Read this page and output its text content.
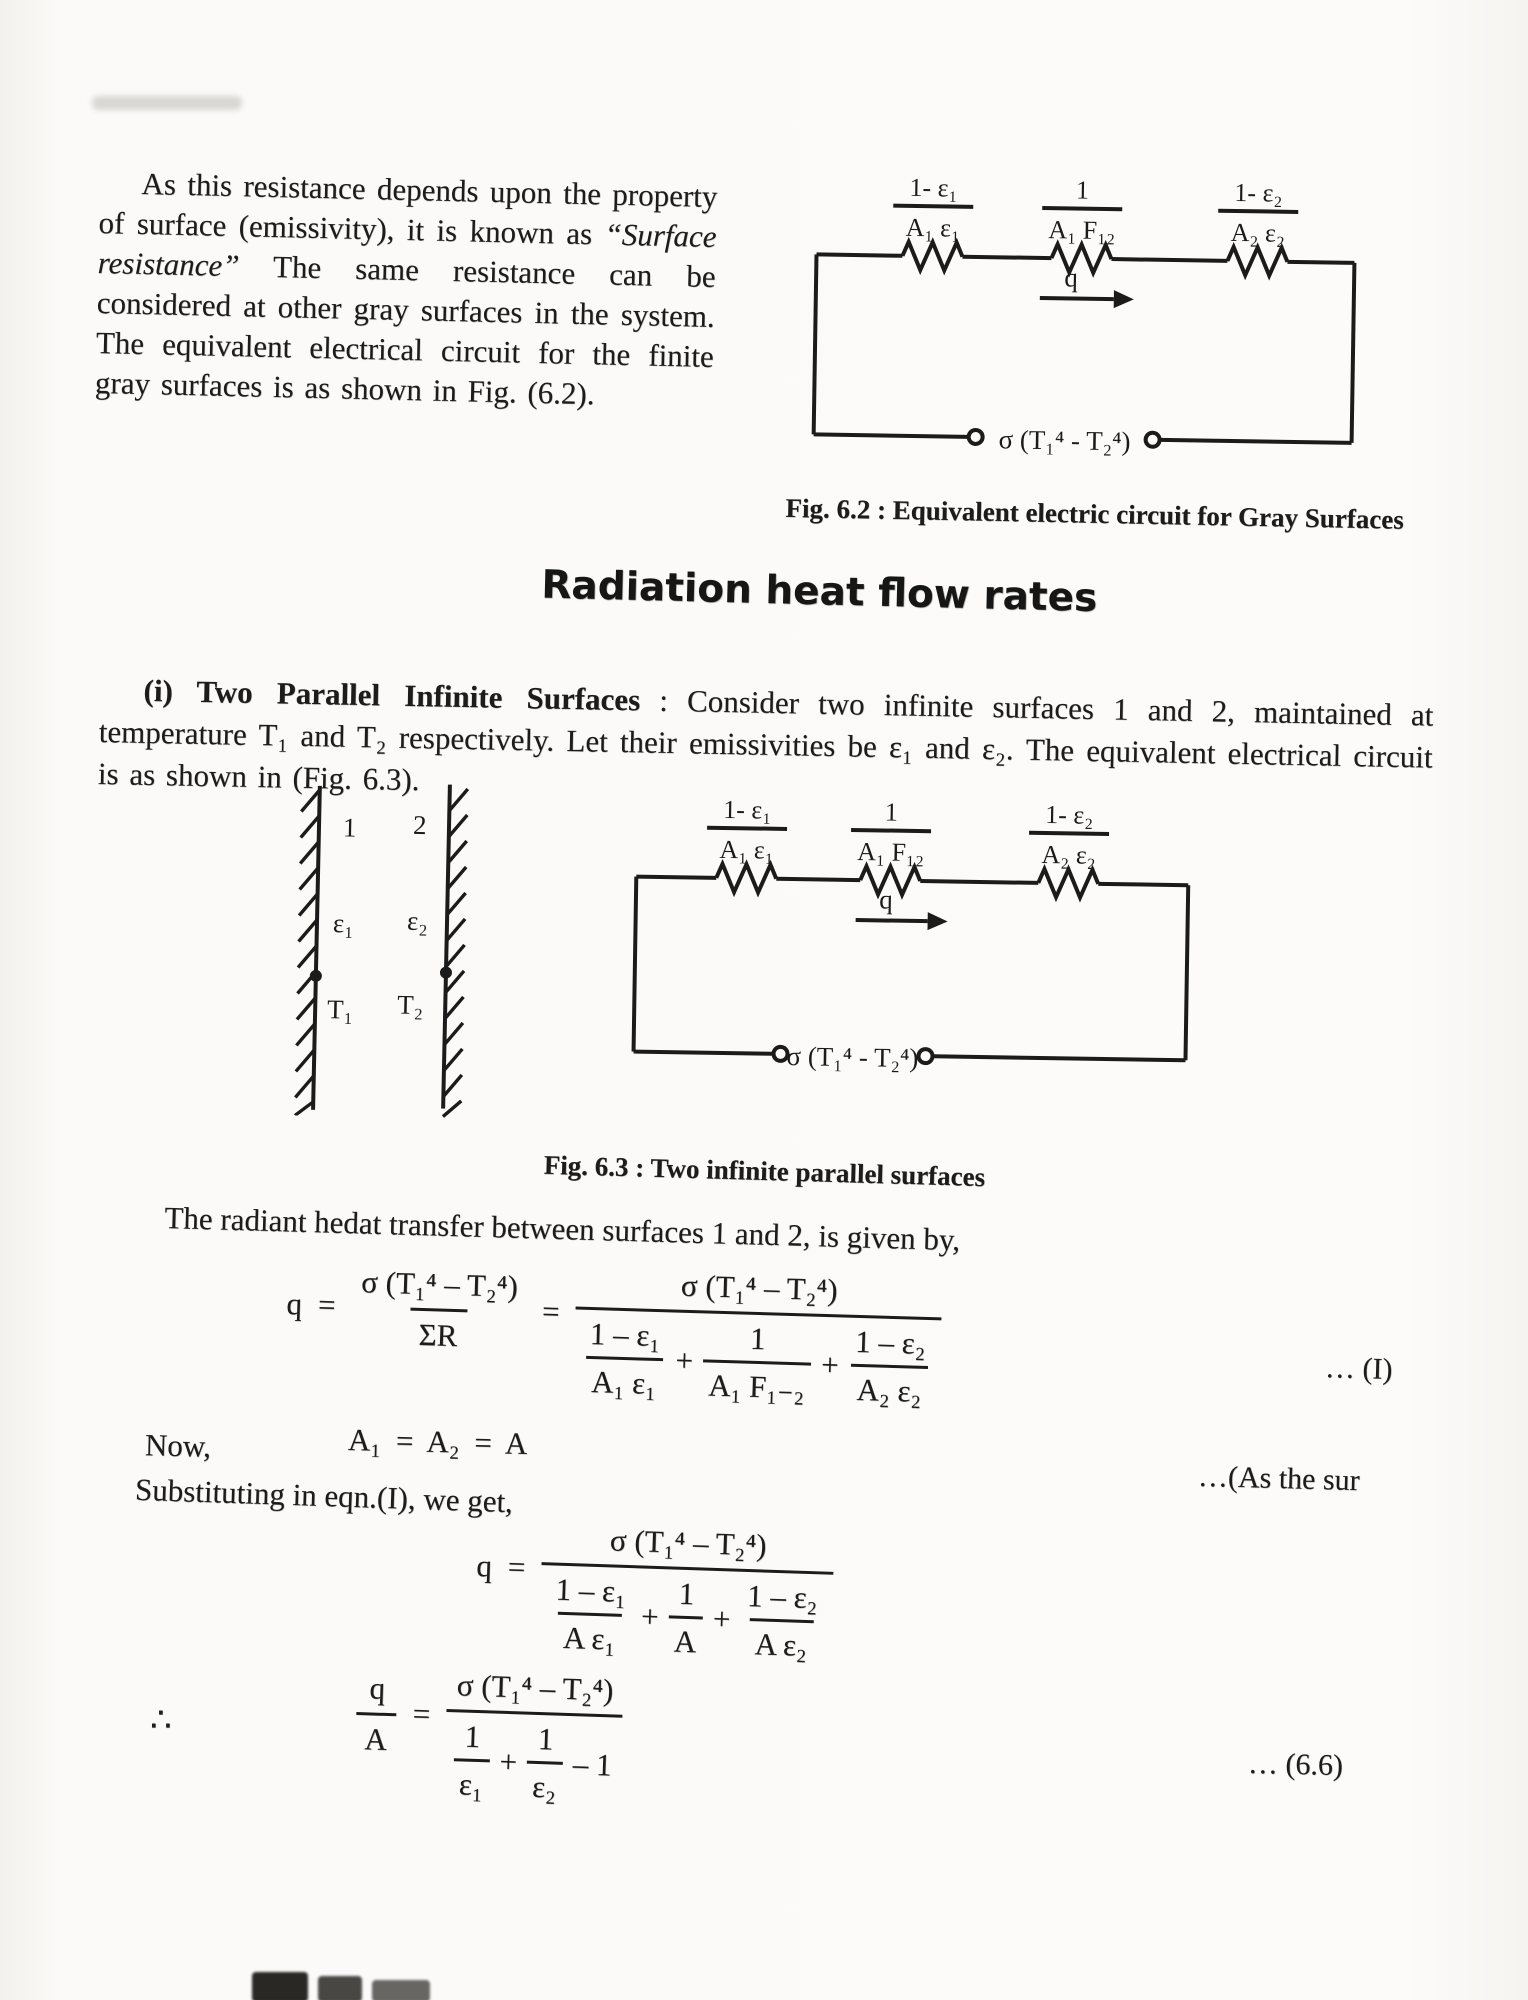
As this resistance depends upon the property of surface (emissivity), it is known as “Surface resistance” The same resistance can be considered at other gray surfaces in the system. The equivalent electrical circuit for the finite gray surfaces is as shown in Fig. (6.2).

1- ε₁
A₁ ε₁
1
A₁ F₁₂
1- ε₂
A₂ ε₂
q
σ (T₁⁴ - T₂⁴)
Fig. 6.2 : Equivalent electric circuit for Gray Surfaces
Radiation heat flow rates

(i) Two Parallel Infinite Surfaces : Consider two infinite surfaces 1 and 2, maintained at temperature T₁ and T₂ respectively. Let their emissivities be ε₁ and ε₂. The equivalent electrical circuit is as shown in (Fig. 6.3).

1 2
ε₁ ε₂
T₁ T₂
1- ε₁
A₁ ε₁
1
A₁ F₁₂
1- ε₂
A₂ ε₂
q
σ (T₁⁴ - T₂⁴)
Fig. 6.3 : Two infinite parallel surfaces
The radiant hedat transfer between surfaces 1 and 2, is given by,
$q = \frac{\text{σ (T₁⁴ – T₂⁴)}}{\Sigma R}$ =
σ (T₁⁴ – T₂⁴)
$\frac{\text{1 – ε₁}}{\text{A₁ ε₁}} + \frac{1}{\text{A₁ F₁₋₂}} + \frac{\text{1 – ε₂}}{\text{A₂ ε₂}}$	… (I)
Now,	A₁ = A₂ = A
Substituting in eqn.(I), we get,	…(As the sur
q =
σ (T₁⁴ – T₂⁴)
$\frac{\text{1 – ε₁}}{\text{A ε₁}} + \frac{1}{A} + \frac{\text{1 – ε₂}}{\text{A ε₂}}$
∴	$\frac{q}{A}$ =
σ (T₁⁴ – T₂⁴)
$\frac{1}{\text{ε₁}} + \frac{1}{\text{ε₂}} - 1$	… (6.6)
